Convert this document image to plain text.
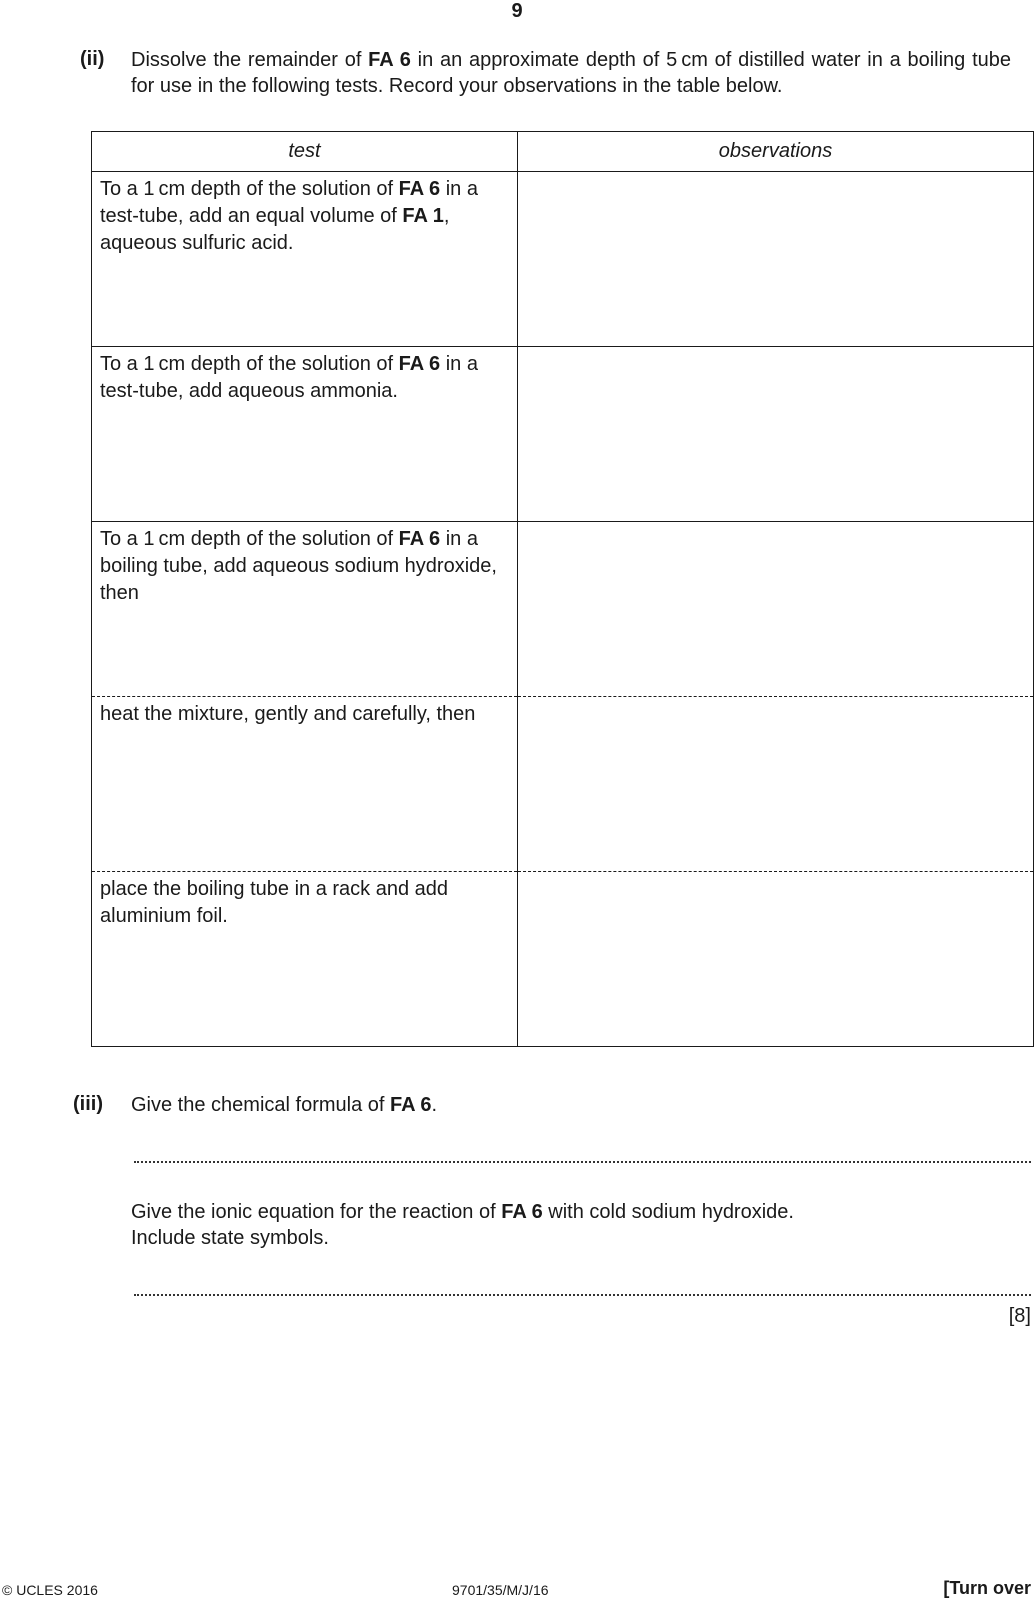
9
(ii) Dissolve the remainder of FA 6 in an approximate depth of 5 cm of distilled water in a boiling tube for use in the following tests. Record your observations in the table below.
test	observations
To a 1 cm depth of the solution of FA 6 in a test-tube, add an equal volume of FA 1, aqueous sulfuric acid.	
To a 1 cm depth of the solution of FA 6 in a test-tube, add aqueous ammonia.	
To a 1 cm depth of the solution of FA 6 in a boiling tube, add aqueous sodium hydroxide, then	
heat the mixture, gently and carefully, then	
place the boiling tube in a rack and add aluminium foil.	
(iii) Give the chemical formula of FA 6.
Give the ionic equation for the reaction of FA 6 with cold sodium hydroxide.
Include state symbols.
[8]
© UCLES 2016	9701/35/M/J/16	[Turn over
